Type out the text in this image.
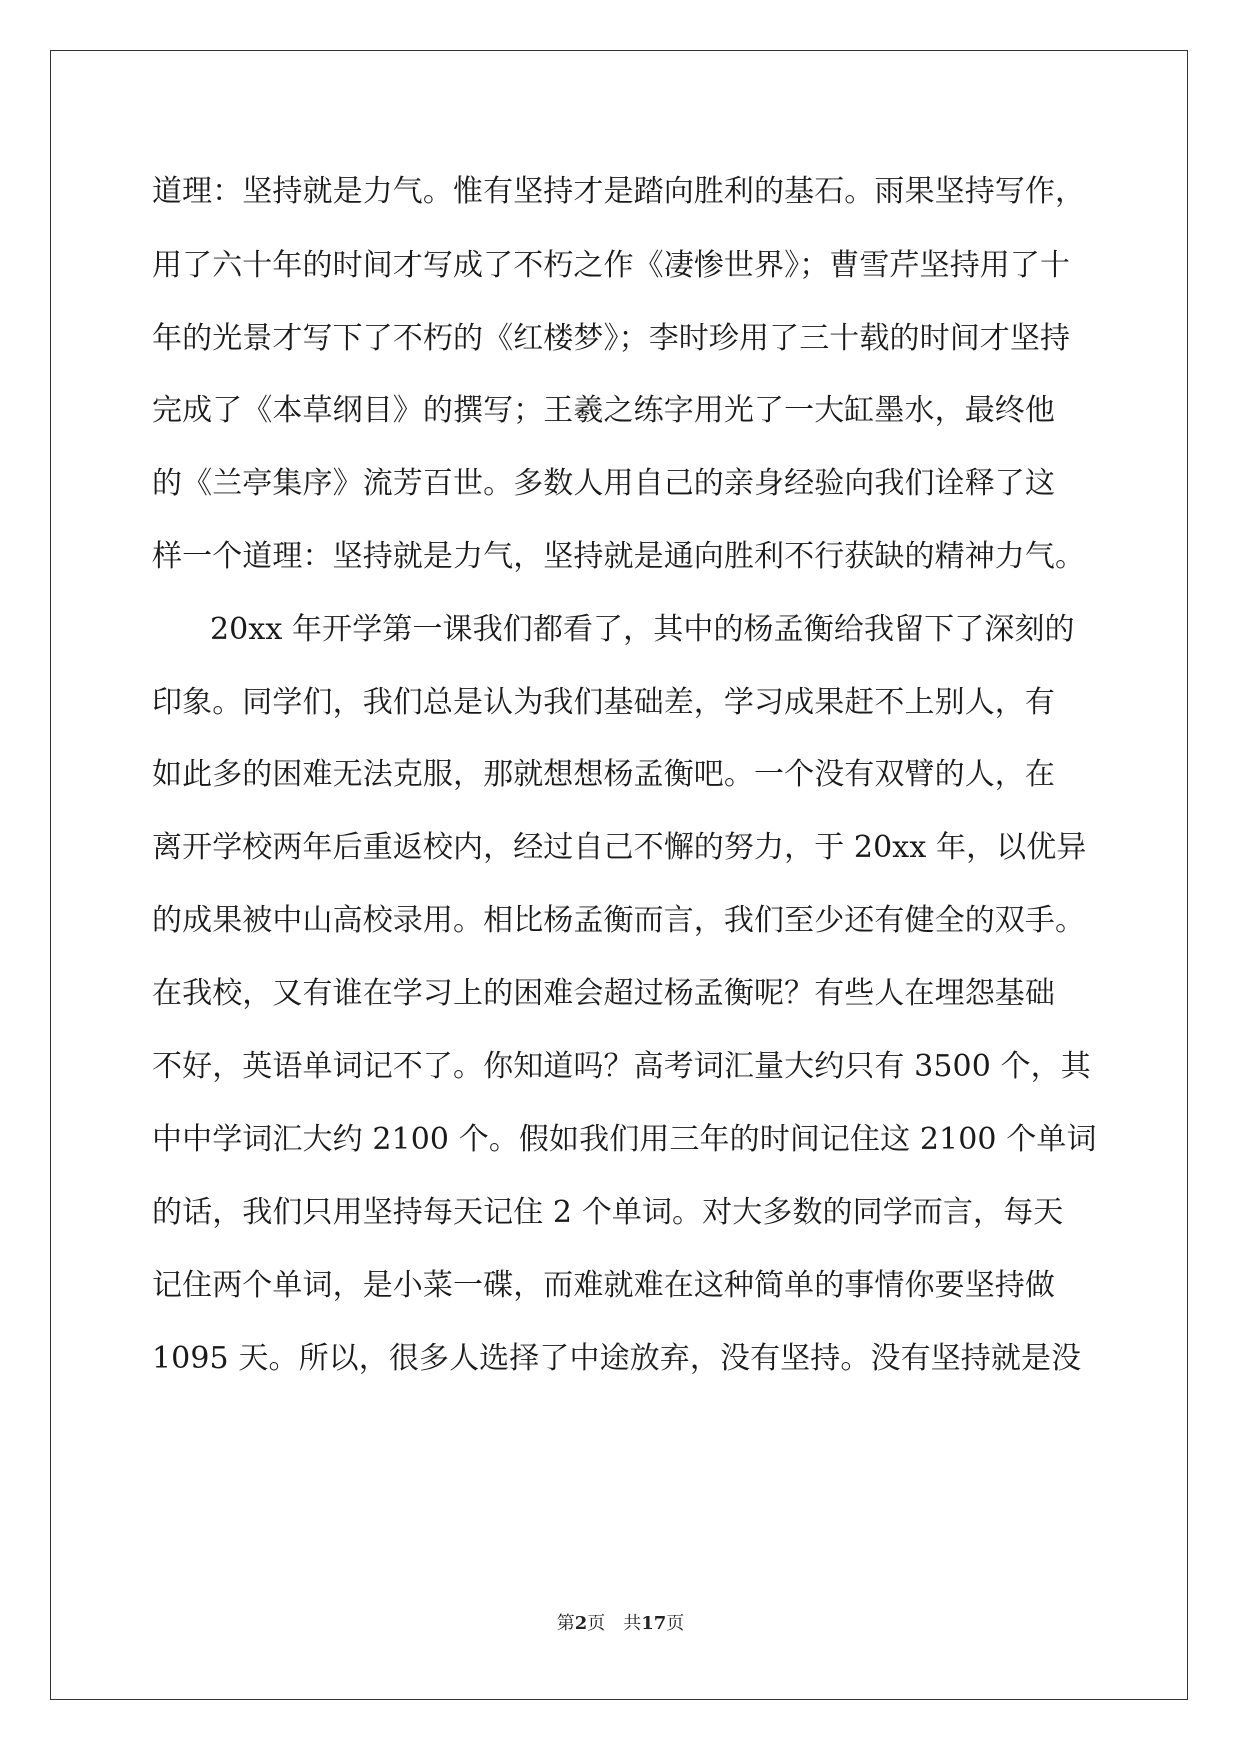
道理：坚持就是力气。惟有坚持才是踏向胜利的基石。雨果坚持写作，
用了六十年的时间才写成了不朽之作《凄惨世界》；曹雪芹坚持用了十
年的光景才写下了不朽的《红楼梦》；李时珍用了三十载的时间才坚持
完成了《本草纲目》的撰写；王羲之练字用光了一大缸墨水，最终他
的《兰亭集序》流芳百世。多数人用自己的亲身经验向我们诠释了这
样一个道理：坚持就是力气，坚持就是通向胜利不行获缺的精神力气。
20xx 年开学第一课我们都看了，其中的杨孟衡给我留下了深刻的
印象。同学们，我们总是认为我们基础差，学习成果赶不上别人，有
如此多的困难无法克服，那就想想杨孟衡吧。一个没有双臂的人，在
离开学校两年后重返校内，经过自己不懈的努力，于 20xx 年，以优异
的成果被中山高校录用。相比杨孟衡而言，我们至少还有健全的双手。
在我校，又有谁在学习上的困难会超过杨孟衡呢？有些人在埋怨基础
不好，英语单词记不了。你知道吗？高考词汇量大约只有 3500 个，其
中中学词汇大约 2100 个。假如我们用三年的时间记住这 2100 个单词
的话，我们只用坚持每天记住 2 个单词。对大多数的同学而言，每天
记住两个单词，是小菜一碟，而难就难在这种简单的事情你要坚持做
1095 天。所以，很多人选择了中途放弃，没有坚持。没有坚持就是没
第2页 共17页
